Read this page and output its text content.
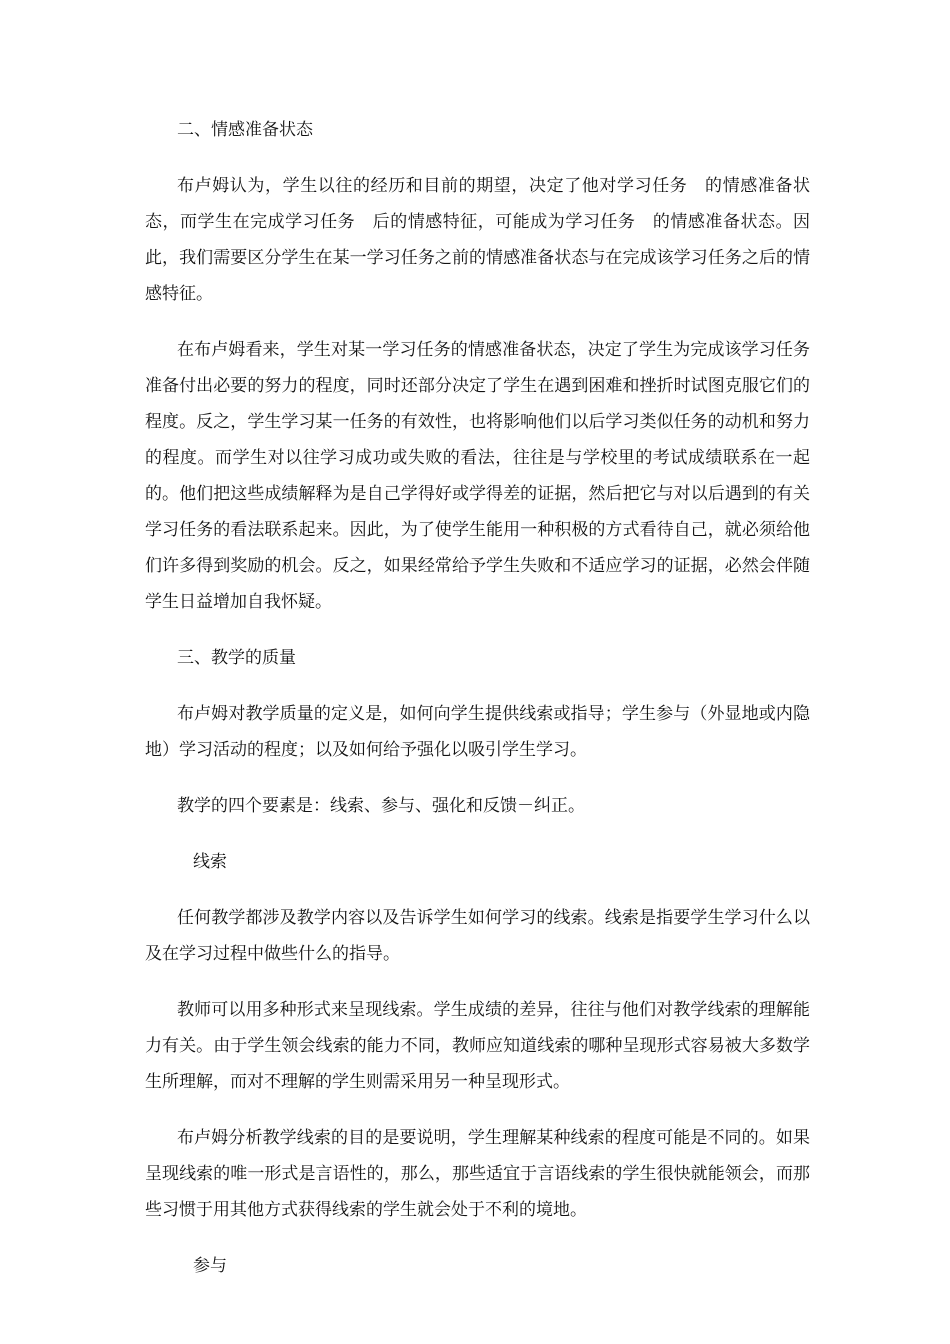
二、情感准备状态

布卢姆认为，学生以往的经历和目前的期望，决定了他对学习任务　的情感准备状态，而学生在完成学习任务　后的情感特征，可能成为学习任务　的情感准备状态。因此，我们需要区分学生在某一学习任务之前的情感准备状态与在完成该学习任务之后的情感特征。

在布卢姆看来，学生对某一学习任务的情感准备状态，决定了学生为完成该学习任务准备付出必要的努力的程度，同时还部分决定了学生在遇到困难和挫折时试图克服它们的程度。反之，学生学习某一任务的有效性，也将影响他们以后学习类似任务的动机和努力的程度。而学生对以往学习成功或失败的看法，往往是与学校里的考试成绩联系在一起的。他们把这些成绩解释为是自己学得好或学得差的证据，然后把它与对以后遇到的有关学习任务的看法联系起来。因此，为了使学生能用一种积极的方式看待自己，就必须给他们许多得到奖励的机会。反之，如果经常给予学生失败和不适应学习的证据，必然会伴随学生日益增加自我怀疑。

三、教学的质量

布卢姆对教学质量的定义是，如何向学生提供线索或指导；学生参与（外显地或内隐地）学习活动的程度；以及如何给予强化以吸引学生学习。

教学的四个要素是：线索、参与、强化和反馈－纠正。

线索

任何教学都涉及教学内容以及告诉学生如何学习的线索。线索是指要学生学习什么以及在学习过程中做些什么的指导。

教师可以用多种形式来呈现线索。学生成绩的差异，往往与他们对教学线索的理解能力有关。由于学生领会线索的能力不同，教师应知道线索的哪种呈现形式容易被大多数学生所理解，而对不理解的学生则需采用另一种呈现形式。

布卢姆分析教学线索的目的是要说明，学生理解某种线索的程度可能是不同的。如果呈现线索的唯一形式是言语性的，那么，那些适宜于言语线索的学生很快就能领会，而那些习惯于用其他方式获得线索的学生就会处于不利的境地。

参与
